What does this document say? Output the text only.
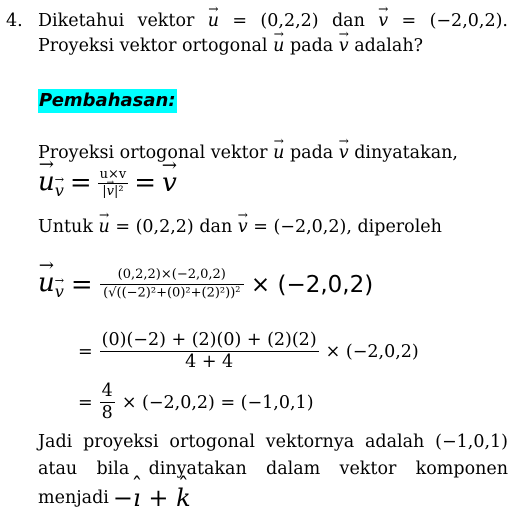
4. Diketahui vektor → u = (0,2,2) dan → v = (−2,0,2).
Proyeksi vektor ortogonal → u pada → v adalah?
Pembahasan:
Proyeksi ortogonal vektor → u pada → v dinyatakan,
→ $u\to v = \frac{u\times v}{\text{|→ v|²}}$ = → v
Untuk → u = (0,2,2) dan → v = (−2,0,2), diperoleh
→ $u\to v = \frac{(0,2,2)\times(-2,0,2)}{(√((-2)^2+(0)^2+(2)^2))^2} \times (-2,0,2)$
= $\frac{(0)(-2) + (2)(0) + (2)(2)}{4 + 4} \times (-2,0,2)$
= $\frac{4}{8} \times (-2,0,2) = (-1,0,1)$
Jadi proyeksi ortogonal vektornya adalah (−1,0,1)
atau bila dinyatakan dalam vektor komponen
menjadi −ˆ ı + ˆ k
